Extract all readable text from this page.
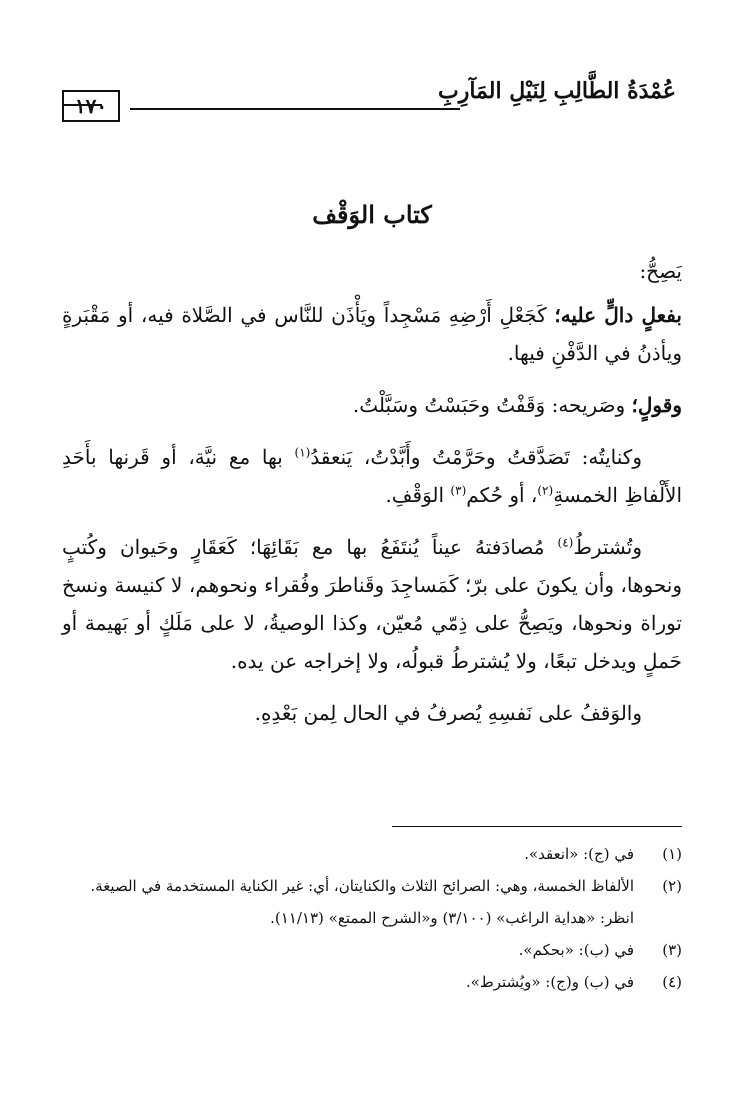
عُمْدَةُ الطَّالِبِ لِنَيْلِ المَآرِبِ
١٧٠
كتاب الوَقْف

يَصِحُّ:

بفعلٍ دالٍّ عليه؛ كَجَعْلِ أَرْضِهِ مَسْجِداً ويَأْذَن للنَّاس في الصَّلاة فيه، أو مَقْبَرةٍ ويأذنُ في الدَّفْنِ فيها.

وقولٍ؛ وصَريحه: وَقَفْتُ وحَبَسْتُ وسَبَّلْتُ.

وكنايتُه: تَصَدَّقتُ وحَرَّمْتُ وأَبَّدْتُ، يَنعقدُ$^{(١)}$ بها مع نيَّة، أو قَرنها بأَحَدِ الأَلْفاظِ الخمسةِ$^{(٢)}$، أو حُكم$^{(٣)}$ الوَقْفِ.

وتُشترطُ$^{(٤)}$ مُصادَفتهُ عيناً يُنتَفَعُ بها مع بَقَائِهَا؛ كَعَقَارٍ وحَيوان وكُتبٍ ونحوها، وأن يكونَ على برّ؛ كَمَساجِدَ وقَناطرَ وفُقراء ونحوهم، لا كنيسة ونسخ توراة ونحوها، ويَصِحُّ على ذِمّي مُعيّن، وكذا الوصيةُ، لا على مَلَكٍ أو بَهيمة أو حَملٍ ويدخل تبعًا، ولا يُشترطُ قبولُه، ولا إخراجه عن يده.

والوَقفُ على نَفسِهِ يُصرفُ في الحال لِمن بَعْدِهِ.

(١)
في (ج): «انعقد».
(٢)
الألفاظ الخمسة، وهي: الصرائح الثلاث والكنايتان، أي: غير الكناية المستخدمة في الصيغة.
انظر: «هداية الراغب» (٣/١٠٠) و«الشرح الممتع» (١١/١٣).
(٣)
في (ب): «بحكم».
(٤)
في (ب) و(ج): «ويُشترط».
